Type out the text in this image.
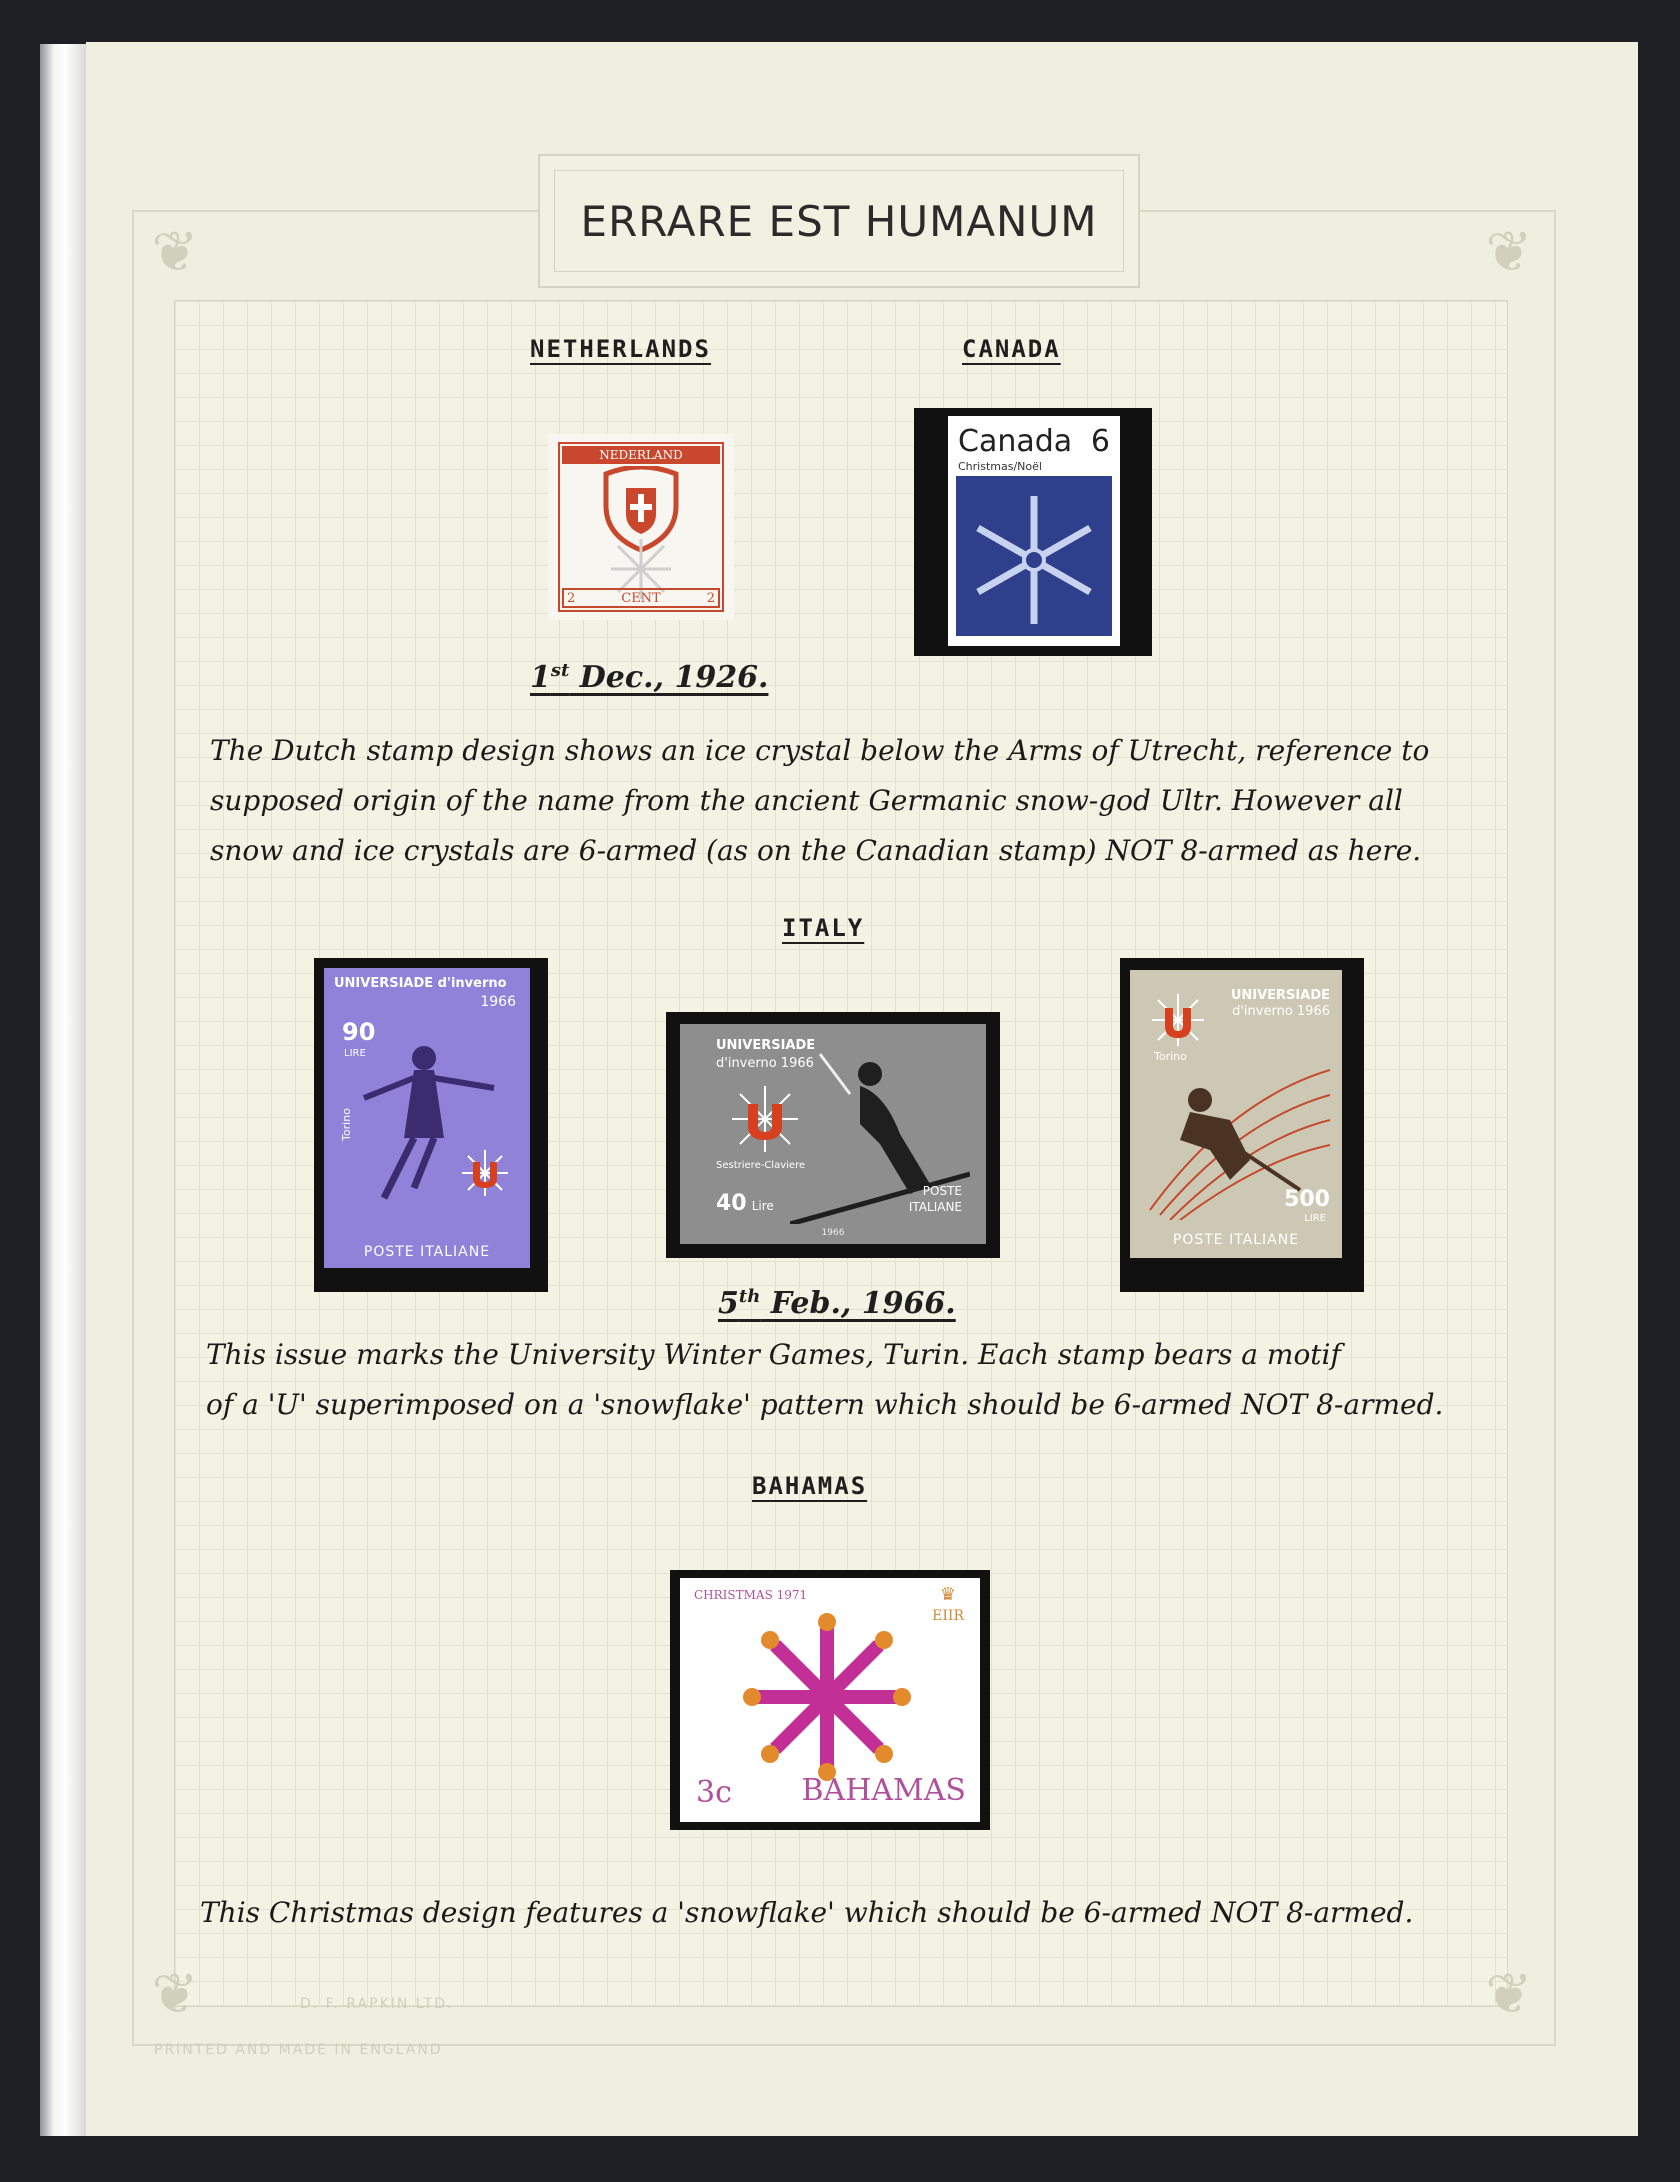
❦	❦
❦	❦
ERRARE EST HUMANUM
NETHERLANDS	CANADA
NEDERLAND
2	CENT	2
Canada 6
Christmas/Noël
1st Dec., 1926.
The Dutch stamp design shows an ice crystal below the Arms of Utrecht, reference to
supposed origin of the name from the ancient Germanic snow-god Ultr. However all
snow and ice crystals are 6-armed (as on the Canadian stamp) NOT 8-armed as here.
ITALY
UNIVERSIADE d'inverno
1966
90
LIRE
Torino
POSTE ITALIANE
UNIVERSIADE
d'inverno 1966
Sestriere-Claviere
40 Lire
POSTE
ITALIANE
1966
UNIVERSIADE
d'inverno 1966
Torino
500
LIRE
POSTE ITALIANE
5th Feb., 1966.
This issue marks the University Winter Games, Turin. Each stamp bears a motif
of a 'U' superimposed on a 'snowflake' pattern which should be 6-armed NOT 8-armed.
BAHAMAS
CHRISTMAS 1971	♛
EIIR
3c BAHAMAS
This Christmas design features a 'snowflake' which should be 6-armed NOT 8-armed.
D. F. RAPKIN LTD.
PRINTED AND MADE IN ENGLAND
